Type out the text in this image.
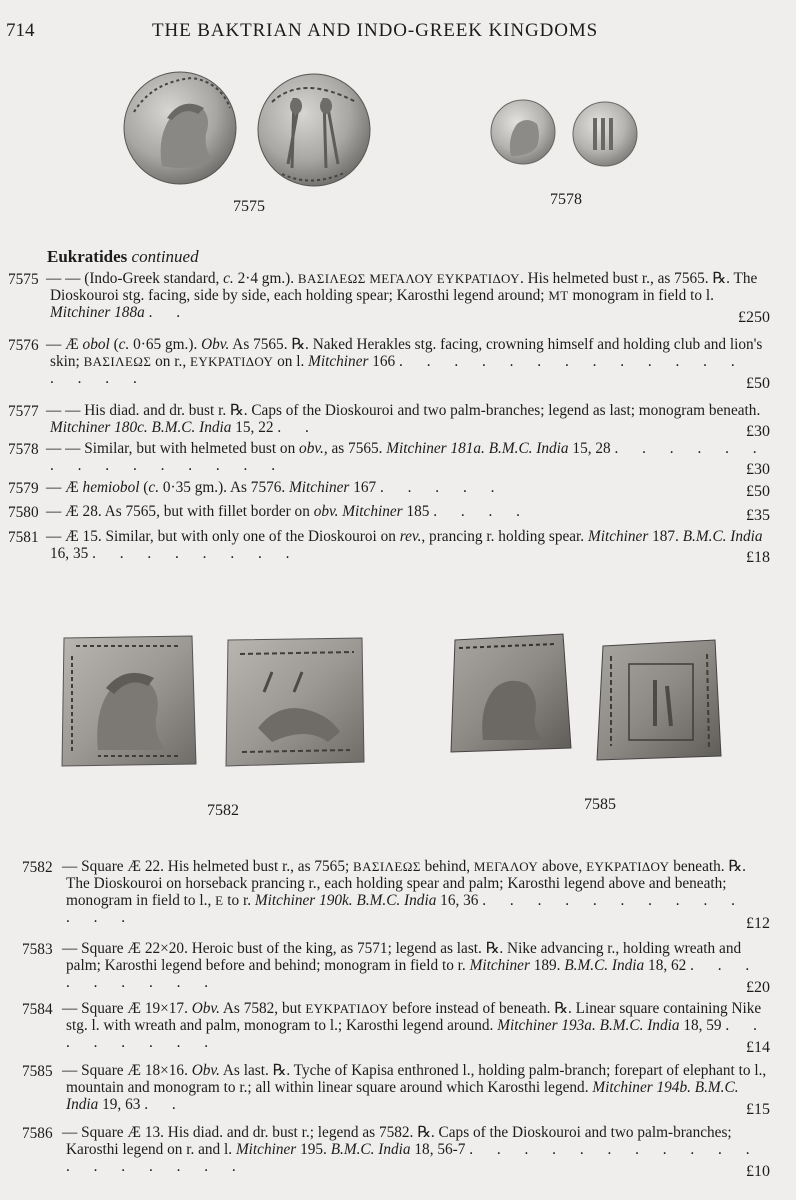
714	THE BAKTRIAN AND INDO-GREEK KINGDOMS
7575	7578
Eukratides continued
7575 — — (Indo-Greek standard, c. 2·4 gm.). ΒΑΣΙΛΕΩΣ ΜΕΓΑΛΟΥ ΕΥΚΡΑΤΙΔΟΥ. His helmeted bust r., as 7565. ℞. The Dioskouroi stg. facing, side by side, each holding spear; Karosthi legend around; ΜΤ monogram in field to l. Mitchiner 188a . .	£250
7576 — Æ obol (c. 0·65 gm.). Obv. As 7565. ℞. Naked Herakles stg. facing, crowning himself and holding club and lion's skin; ΒΑΣΙΛΕΩΣ on r., ΕΥΚΡΑΤΙΔΟΥ on l. Mitchiner 166 . . . . . . . . . . . . . . . . .	£50
7577 — — His diad. and dr. bust r. ℞. Caps of the Dioskouroi and two palm-branches; legend as last; monogram beneath. Mitchiner 180c. B.M.C. India 15, 22 . .	£30
7578 — — Similar, but with helmeted bust on obv., as 7565. Mitchiner 181a. B.M.C. India 15, 28 . . . . . . . . . . . . . . .	£30
7579 — Æ hemiobol (c. 0·35 gm.). As 7576. Mitchiner 167 . . . . .	£50
7580 — Æ 28. As 7565, but with fillet border on obv. Mitchiner 185 . . . .	£35
7581 — Æ 15. Similar, but with only one of the Dioskouroi on rev., prancing r. holding spear. Mitchiner 187. B.M.C. India 16, 35 . . . . . . . .	£18
7582	7585
7582 — Square Æ 22. His helmeted bust r., as 7565; ΒΑΣΙΛΕΩΣ behind, ΜΕΓΑΛΟΥ above, ΕΥΚΡΑΤΙΔΟΥ beneath. ℞. The Dioskouroi on horseback prancing r., each holding spear and palm; Karosthi legend above and beneath; monogram in field to l., Ε to r. Mitchiner 190k. B.M.C. India 16, 36 . . . . . . . . . . . . .	£12
7583 — Square Æ 22×20. Heroic bust of the king, as 7571; legend as last. ℞. Nike advancing r., holding wreath and palm; Karosthi legend before and behind; monogram in field to r. Mitchiner 189. B.M.C. India 18, 62 . . . . . . . . .	£20
7584 — Square Æ 19×17. Obv. As 7582, but ΕΥΚΡΑΤΙΔΟΥ before instead of beneath. ℞. Linear square containing Nike stg. l. with wreath and palm, monogram to l.; Karosthi legend around. Mitchiner 193a. B.M.C. India 18, 59 . . . . . . . .	£14
7585 — Square Æ 18×16. Obv. As last. ℞. Tyche of Kapisa enthroned l., holding palm-branch; forepart of elephant to l., mountain and monogram to r.; all within linear square around which Karosthi legend. Mitchiner 194b. B.M.C. India 19, 63 . .	£15
7586 — Square Æ 13. His diad. and dr. bust r.; legend as 7582. ℞. Caps of the Dioskouroi and two palm-branches; Karosthi legend on r. and l. Mitchiner 195. B.M.C. India 18, 56-7 . . . . . . . . . . . . . . . . . .	£10
